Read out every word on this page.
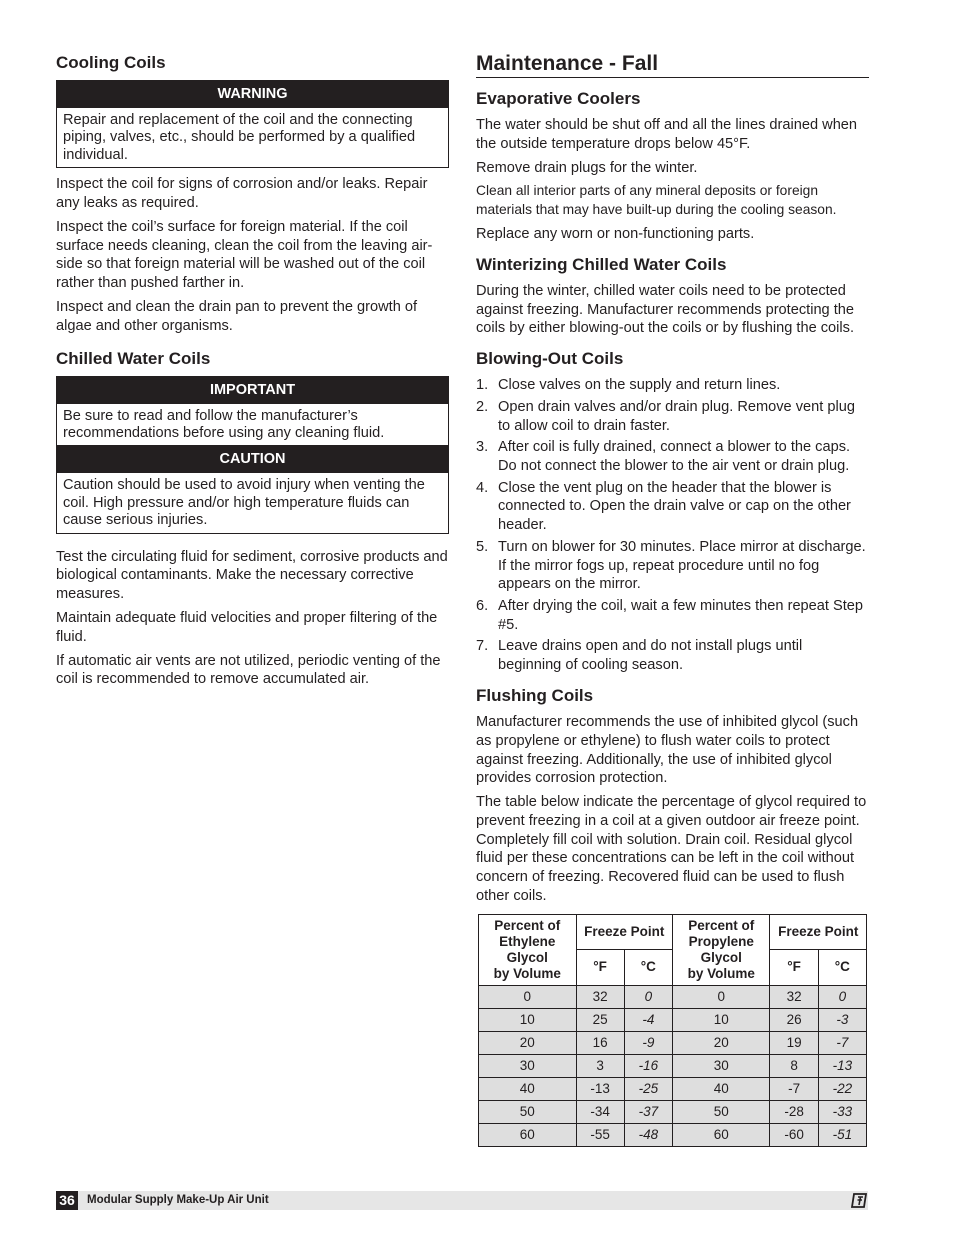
Cooling Coils
WARNING
Repair and replacement of the coil and the connecting piping, valves, etc., should be performed by a qualified individual.

Inspect the coil for signs of corrosion and/or leaks. Repair any leaks as required.

Inspect the coil’s surface for foreign material. If the coil surface needs cleaning, clean the coil from the leaving air-side so that foreign material will be washed out of the coil rather than pushed farther in.

Inspect and clean the drain pan to prevent the growth of algae and other organisms.

Chilled Water Coils
IMPORTANT
Be sure to read and follow the manufacturer’s recommendations before using any cleaning fluid.
CAUTION
Caution should be used to avoid injury when venting the coil. High pressure and/or high temperature fluids can cause serious injuries.

Test the circulating fluid for sediment, corrosive products and biological contaminants. Make the necessary corrective measures.

Maintain adequate fluid velocities and proper filtering of the fluid.

If automatic air vents are not utilized, periodic venting of the coil is recommended to remove accumulated air.

Maintenance - Fall
Evaporative Coolers

The water should be shut off and all the lines drained when the outside temperature drops below 45°F.

Remove drain plugs for the winter.

Clean all interior parts of any mineral deposits or foreign materials that may have built-up during the cooling season.

Replace any worn or non-functioning parts.

Winterizing Chilled Water Coils

During the winter, chilled water coils need to be protected against freezing. Manufacturer recommends protecting the coils by either blowing-out the coils or by flushing the coils.

Blowing-Out Coils
1. Close valves on the supply and return lines.
2. Open drain valves and/or drain plug. Remove vent plug to allow coil to drain faster.
3. After coil is fully drained, connect a blower to the caps. Do not connect the blower to the air vent or drain plug.
4. Close the vent plug on the header that the blower is connected to. Open the drain valve or cap on the other header.
5. Turn on blower for 30 minutes. Place mirror at discharge. If the mirror fogs up, repeat procedure until no fog appears on the mirror.
6. After drying the coil, wait a few minutes then repeat Step #5.
7. Leave drains open and do not install plugs until beginning of cooling season.
Flushing Coils

Manufacturer recommends the use of inhibited glycol (such as propylene or ethylene) to flush water coils to protect against freezing. Additionally, the use of inhibited glycol provides corrosion protection.

The table below indicate the percentage of glycol required to prevent freezing in a coil at a given outdoor air freeze point. Completely fill coil with solution. Drain coil. Residual glycol fluid per these concentrations can be left in the coil without concern of freezing. Recovered fluid can be used to flush other coils.

Percent of
Ethylene
Glycol
by Volume	Freeze Point		Percent of
Propylene
Glycol
by Volume	Freeze Point	
	°F	°C		°F	°C
0	32	0	0	32	0
10	25	-4	10	26	-3
20	16	-9	20	19	-7
30	3	-16	30	8	-13
40	-13	-25	40	-7	-22
50	-34	-37	50	-28	-33
60	-55	-48	60	-60	-51
36 Modular Supply Make-Up Air Unit
